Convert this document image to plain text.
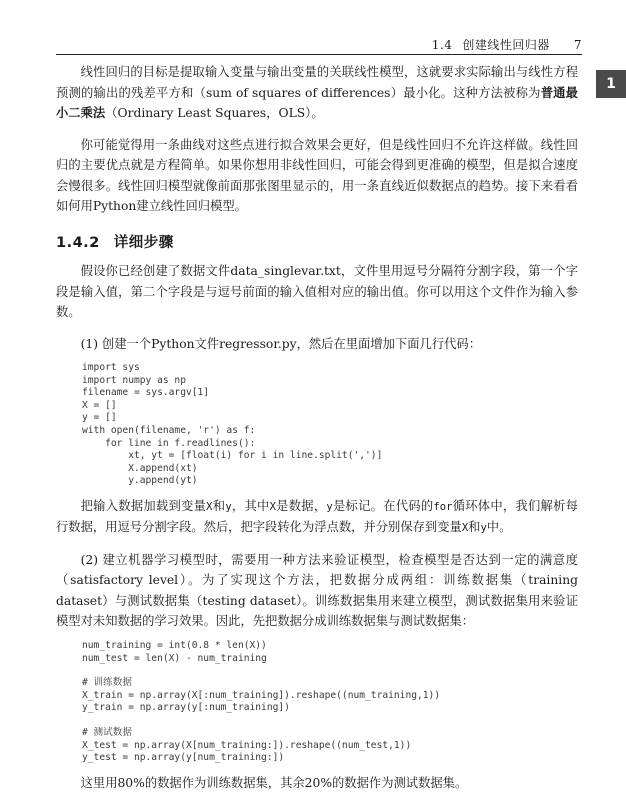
1.4 创建线性回归器 7
1

线性回归的目标是提取输入变量与输出变量的关联线性模型，这就要求实际输出与线性方程预测的输出的残差平方和（sum of squares of differences）最小化。这种方法被称为普通最小二乘法（Ordinary Least Squares，OLS）。

你可能觉得用一条曲线对这些点进行拟合效果会更好，但是线性回归不允许这样做。线性回归的主要优点就是方程简单。如果你想用非线性回归，可能会得到更准确的模型，但是拟合速度会慢很多。线性回归模型就像前面那张图里显示的，用一条直线近似数据点的趋势。接下来看看如何用Python建立线性回归模型。

1.4.2 详细步骤

假设你已经创建了数据文件data_singlevar.txt，文件里用逗号分隔符分割字段，第一个字段是输入值，第二个字段是与逗号前面的输入值相对应的输出值。你可以用这个文件作为输入参数。

(1) 创建一个Python文件regressor.py，然后在里面增加下面几行代码：

import sys
import numpy as np
filename = sys.argv[1]
X = []
y = []
with open(filename, 'r') as f:
for line in f.readlines():
xt, yt = [float(i) for i in line.split(',')]
X.append(xt)
y.append(yt)

把输入数据加载到变量X和y，其中X是数据，y是标记。在代码的for循环体中，我们解析每行数据，用逗号分割字段。然后，把字段转化为浮点数，并分别保存到变量X和y中。

(2) 建立机器学习模型时，需要用一种方法来验证模型，检查模型是否达到一定的满意度（satisfactory level）。为了实现这个方法，把数据分成两组：训练数据集（training dataset）与测试数据集（testing dataset）。训练数据集用来建立模型，测试数据集用来验证模型对未知数据的学习效果。因此，先把数据分成训练数据集与测试数据集：

num_training = int(0.8 * len(X))
num_test = len(X) - num_training
# 训练数据
X_train = np.array(X[:num_training]).reshape((num_training,1))
y_train = np.array(y[:num_training])
# 测试数据
X_test = np.array(X[num_training:]).reshape((num_test,1))
y_test = np.array(y[num_training:])

这里用80%的数据作为训练数据集，其余20%的数据作为测试数据集。
